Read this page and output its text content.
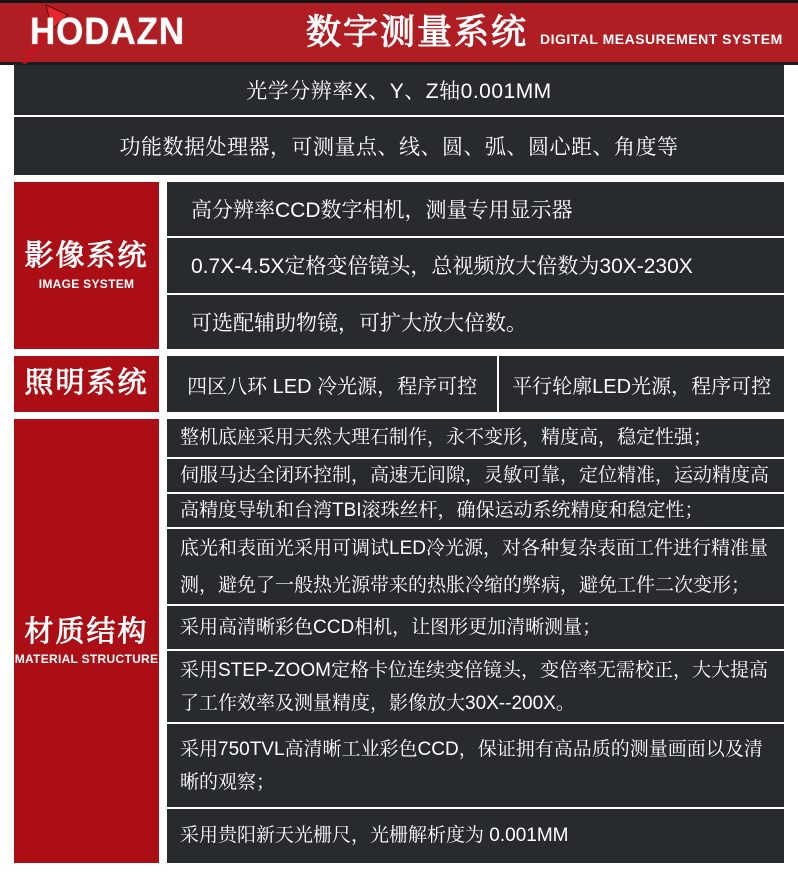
HODAZN	数字测量系统 DIGITAL MEASUREMENT SYSTEM
光学分辨率X、Y、Z轴0.001MM
功能数据处理器，可测量点、线、圆、弧、圆心距、角度等
影像系统
IMAGE SYSTEM
高分辨率CCD数字相机，测量专用显示器
0.7X-4.5X定格变倍镜头，总视频放大倍数为30X-230X
可选配辅助物镜，可扩大放大倍数。
照明系统	四区八环 LED 冷光源，程序可控	平行轮廓LED光源，程序可控
材质结构
MATERIAL STRUCTURE
整机底座采用天然大理石制作，永不变形，精度高，稳定性强；
伺服马达全闭环控制，高速无间隙，灵敏可靠，定位精准，运动精度高
高精度导轨和台湾TBI滚珠丝杆，确保运动系统精度和稳定性；
底光和表面光采用可调试LED冷光源，对各种复杂表面工件进行精准量测，避免了一般热光源带来的热胀冷缩的弊病，避免工件二次变形；
采用高清晰彩色CCD相机，让图形更加清晰测量；
采用STEP-ZOOM定格卡位连续变倍镜头，变倍率无需校正，大大提高了工作效率及测量精度，影像放大30X--200X。
采用750TVL高清晰工业彩色CCD，保证拥有高品质的测量画面以及清晰的观察；
采用贵阳新天光栅尺，光栅解析度为 0.001MM
